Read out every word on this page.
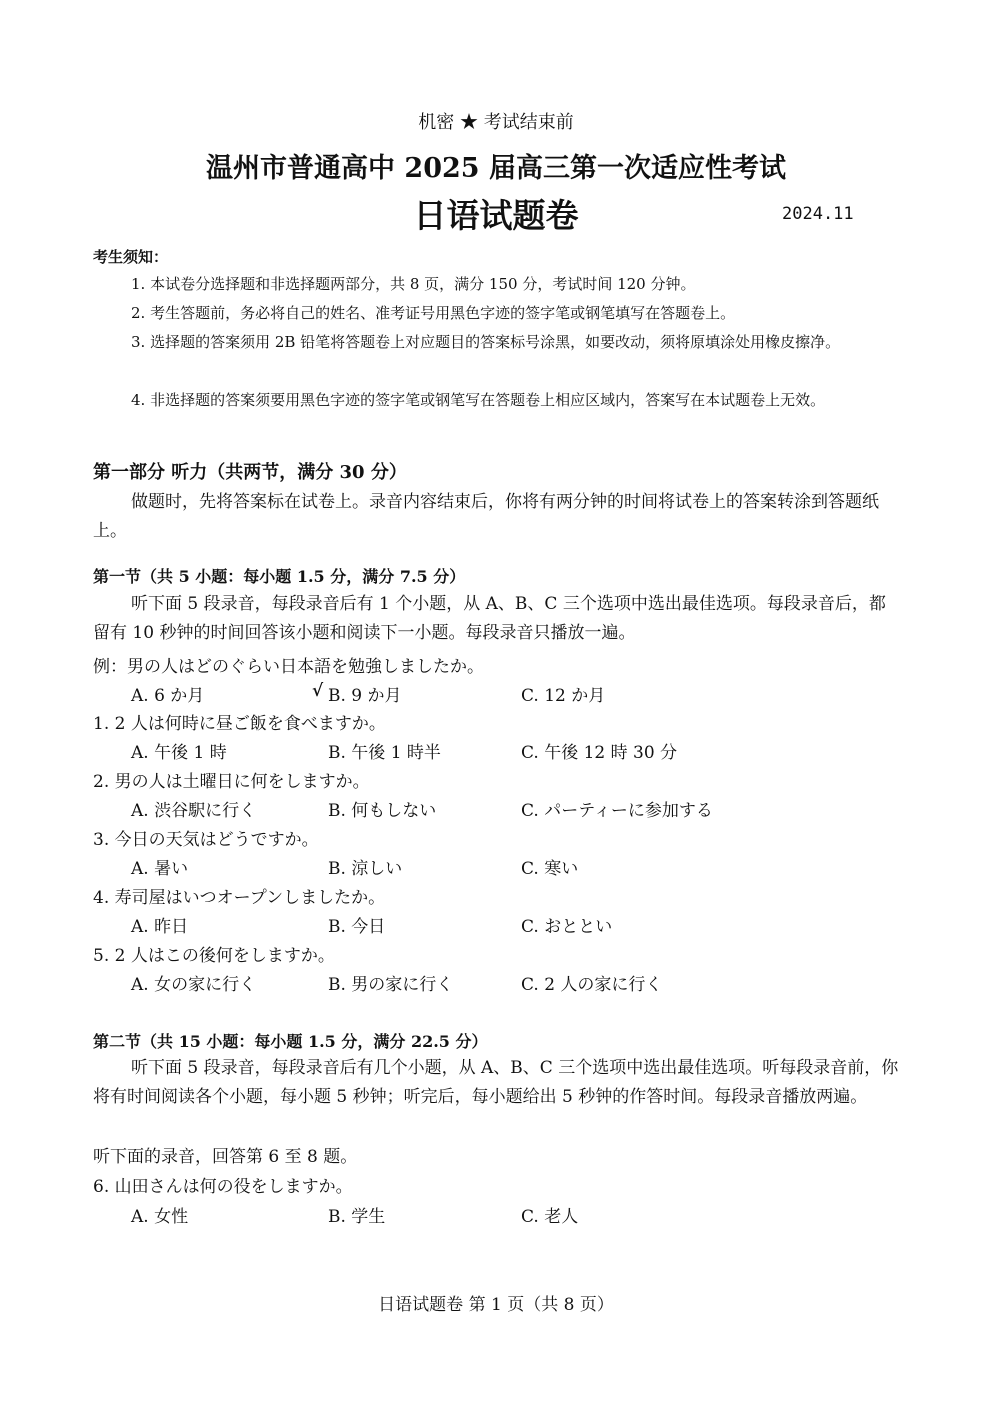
机密 ★ 考试结束前
温州市普通高中 2025 届高三第一次适应性考试
日语试题卷	2024.11
考生须知：
1. 本试卷分选择题和非选择题两部分，共 8 页，满分 150 分，考试时间 120 分钟。
2. 考生答题前，务必将自己的姓名、准考证号用黑色字迹的签字笔或钢笔填写在答题卷上。
3. 选择题的答案须用 2B 铅笔将答题卷上对应题目的答案标号涂黑，如要改动，须将原填涂处用橡皮擦净。
4. 非选择题的答案须要用黑色字迹的签字笔或钢笔写在答题卷上相应区域内，答案写在本试题卷上无效。
第一部分 听力（共两节，满分 30 分）
做题时，先将答案标在试卷上。录音内容结束后，你将有两分钟的时间将试卷上的答案转涂到答题纸上。
第一节（共 5 小题：每小题 1.5 分，满分 7.5 分）
听下面 5 段录音，每段录音后有 1 个小题，从 A、B、C 三个选项中选出最佳选项。每段录音后，都留有 10 秒钟的时间回答该小题和阅读下一小题。每段录音只播放一遍。
例：男の人はどのぐらい日本語を勉強しましたか。
A. 6 か月	√ B. 9 か月	C. 12 か月
1. 2 人は何時に昼ご飯を食べますか。
A. 午後 1 時	B. 午後 1 時半	C. 午後 12 時 30 分
2. 男の人は土曜日に何をしますか。
A. 渋谷駅に行く	B. 何もしない	C. パーティーに参加する
3. 今日の天気はどうですか。
A. 暑い	B. 涼しい	C. 寒い
4. 寿司屋はいつオープンしましたか。
A. 昨日	B. 今日	C. おととい
5. 2 人はこの後何をしますか。
A. 女の家に行く	B. 男の家に行く	C. 2 人の家に行く
第二节（共 15 小题：每小题 1.5 分，满分 22.5 分）
听下面 5 段录音，每段录音后有几个小题，从 A、B、C 三个选项中选出最佳选项。听每段录音前，你将有时间阅读各个小题，每小题 5 秒钟；听完后，每小题给出 5 秒钟的作答时间。每段录音播放两遍。
听下面的录音，回答第 6 至 8 题。
6. 山田さんは何の役をしますか。
A. 女性	B. 学生	C. 老人
日语试题卷 第 1 页（共 8 页）
